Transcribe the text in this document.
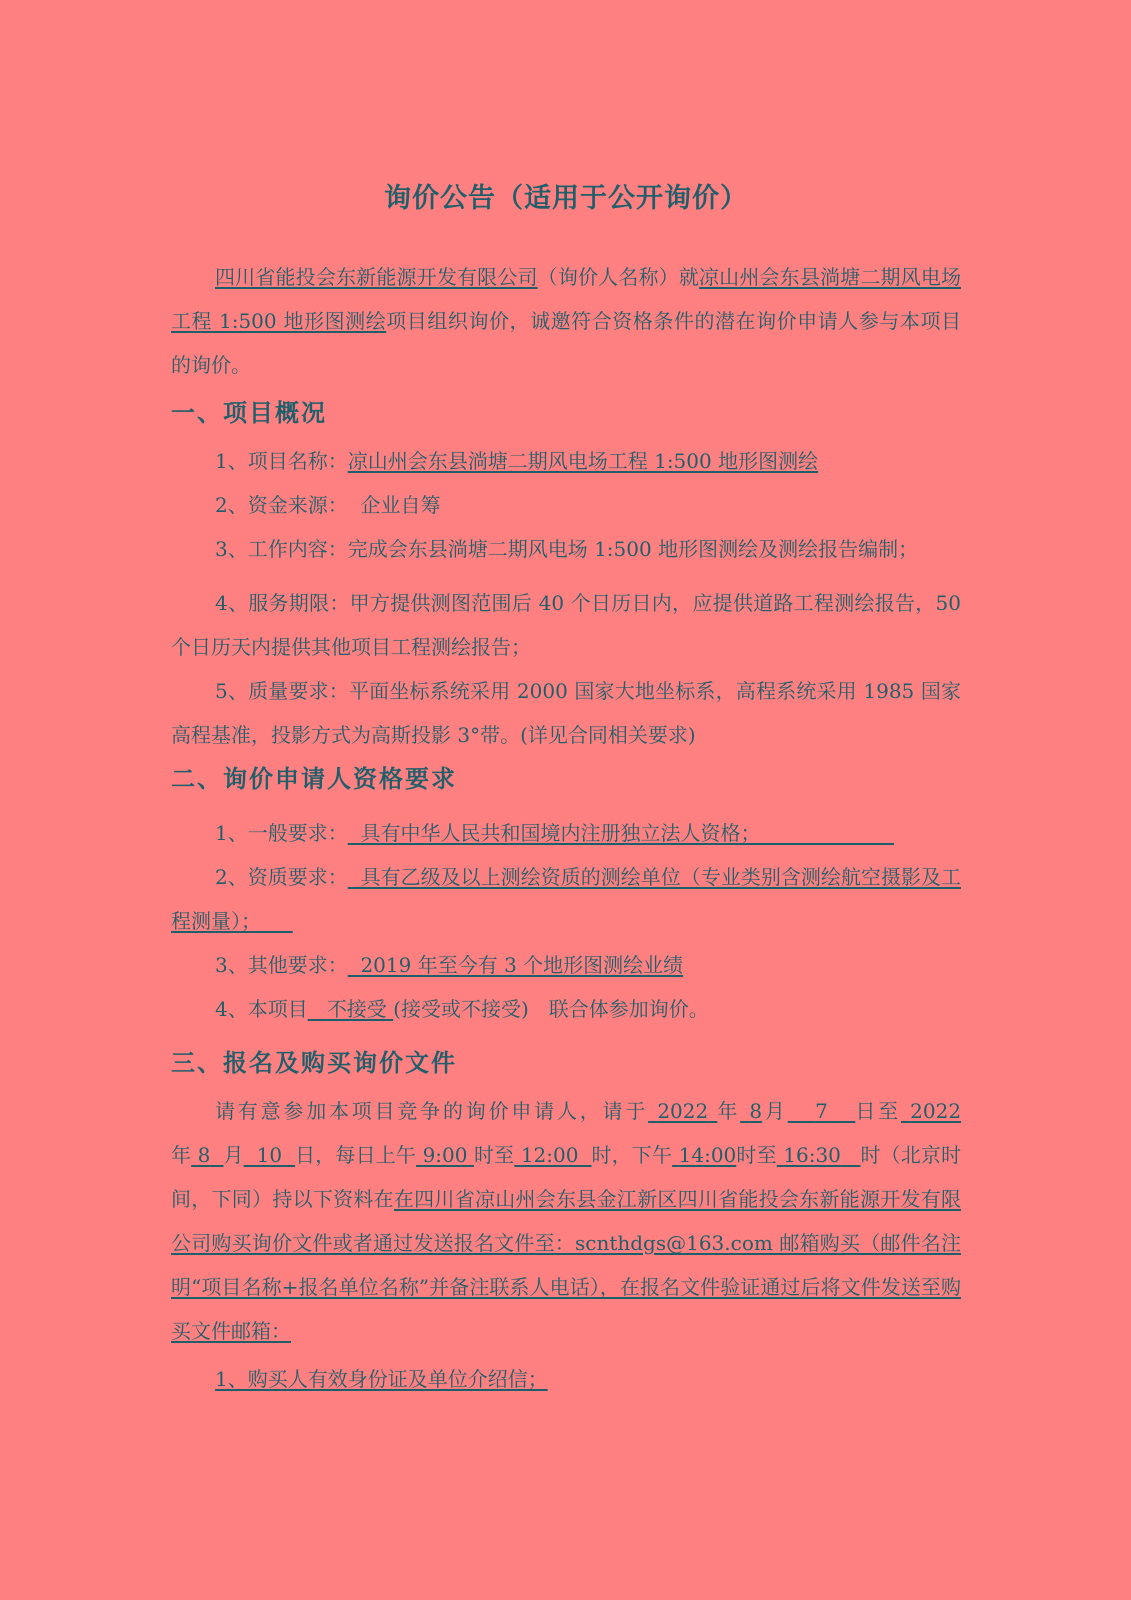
询价公告（适用于公开询价）

四川省能投会东新能源开发有限公司（询价人名称）就凉山州会东县淌塘二期风电场工程 1:500 地形图测绘项目组织询价，诚邀符合资格条件的潜在询价申请人参与本项目的询价。

一、项目概况

1、项目名称：凉山州会东县淌塘二期风电场工程 1:500 地形图测绘

2、资金来源： 企业自筹

3、工作内容：完成会东县淌塘二期风电场 1:500 地形图测绘及测绘报告编制；

4、服务期限：甲方提供测图范围后 40 个日历日内，应提供道路工程测绘报告，50 个日历天内提供其他项目工程测绘报告；

5、质量要求：平面坐标系统采用 2000 国家大地坐标系，高程系统采用 1985 国家高程基准，投影方式为高斯投影 3°带。(详见合同相关要求)

二、询价申请人资格要求

1、一般要求： 具有中华人民共和国境内注册独立法人资格；

2、资质要求： 具有乙级及以上测绘资质的测绘单位（专业类别含测绘航空摄影及工程测量）；

3、其他要求： 2019 年至今有 3 个地形图测绘业绩

4、本项目 不接受 (接受或不接受)　联合体参加询价。

三、报名及购买询价文件

请有意参加本项目竞争的询价申请人，请于 2022 年 8月 7 日至 2022年 8 月 10 日，每日上午 9:00 时至 12:00 时，下午 14:00时至 16:30 时（北京时间，下同）持以下资料在在四川省凉山州会东县金江新区四川省能投会东新能源开发有限公司购买询价文件或者通过发送报名文件至：scnthdgs@163.com 邮箱购买（邮件名注明“项目名称+报名单位名称”并备注联系人电话），在报名文件验证通过后将文件发送至购买文件邮箱：

1、购买人有效身份证及单位介绍信；
